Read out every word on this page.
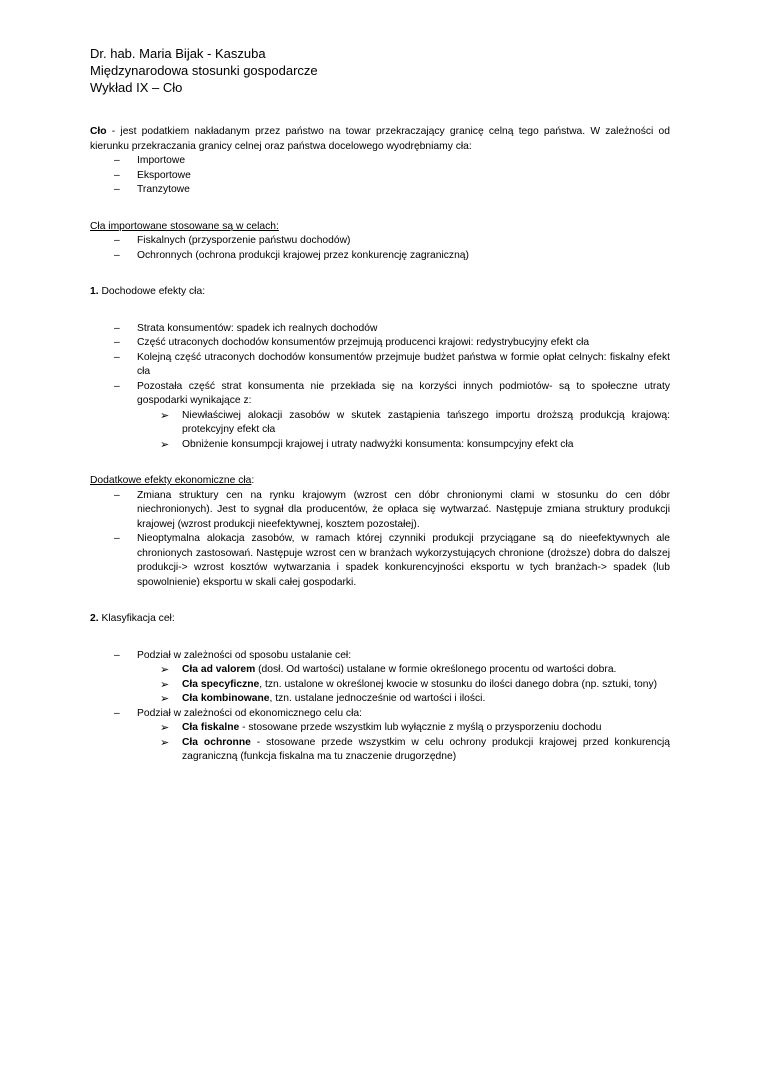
Dr. hab. Maria Bijak - Kaszuba
Międzynarodowa stosunki gospodarcze
Wykład IX – Cło

Cło - jest podatkiem nakładanym przez państwo na towar przekraczający granicę celną tego państwa. W zależności od kierunku przekraczania granicy celnej oraz państwa docelowego wyodrębniamy cła:

– Importowe
– Eksportowe
– Tranzytowe

Cła importowane stosowane są w celach:

– Fiskalnych (przysporzenie państwu dochodów)
– Ochronnych (ochrona produkcji krajowej przez konkurencję zagraniczną)

1. Dochodowe efekty cła:

– Strata konsumentów: spadek ich realnych dochodów
– Część utraconych dochodów konsumentów przejmują producenci krajowi: redystrybucyjny efekt cła
– Kolejną część utraconych dochodów konsumentów przejmuje budżet państwa w formie opłat celnych: fiskalny efekt cła
– Pozostała część strat konsumenta nie przekłada się na korzyści innych podmiotów- są to społeczne utraty gospodarki wynikające z:
➢ Niewłaściwej alokacji zasobów w skutek zastąpienia tańszego importu droższą produkcją krajową: protekcyjny efekt cła
➢ Obniżenie konsumpcji krajowej i utraty nadwyżki konsumenta: konsumpcyjny efekt cła

Dodatkowe efekty ekonomiczne cła:

– Zmiana struktury cen na rynku krajowym (wzrost cen dóbr chronionymi cłami w stosunku do cen dóbr niechronionych). Jest to sygnał dla producentów, że opłaca się wytwarzać. Następuje zmiana struktury produkcji krajowej (wzrost produkcji nieefektywnej, kosztem pozostałej).
– Nieoptymalna alokacja zasobów, w ramach której czynniki produkcji przyciągane są do nieefektywnych ale chronionych zastosowań. Następuje wzrost cen w branżach wykorzystujących chronione (droższe) dobra do dalszej produkcji-> wzrost kosztów wytwarzania i spadek konkurencyjności eksportu w tych branżach-> spadek (lub spowolnienie) eksportu w skali całej gospodarki.

2. Klasyfikacja ceł:

– Podział w zależności od sposobu ustalanie ceł:
➢ Cła ad valorem (dosł. Od wartości) ustalane w formie określonego procentu od wartości dobra.
➢ Cła specyficzne, tzn. ustalone w określonej kwocie w stosunku do ilości danego dobra (np. sztuki, tony)
➢ Cła kombinowane, tzn. ustalane jednocześnie od wartości i ilości.
– Podział w zależności od ekonomicznego celu cła:
➢ Cła fiskalne - stosowane przede wszystkim lub wyłącznie z myślą o przysporzeniu dochodu
➢ Cła ochronne - stosowane przede wszystkim w celu ochrony produkcji krajowej przed konkurencją zagraniczną (funkcja fiskalna ma tu znaczenie drugorzędne)
